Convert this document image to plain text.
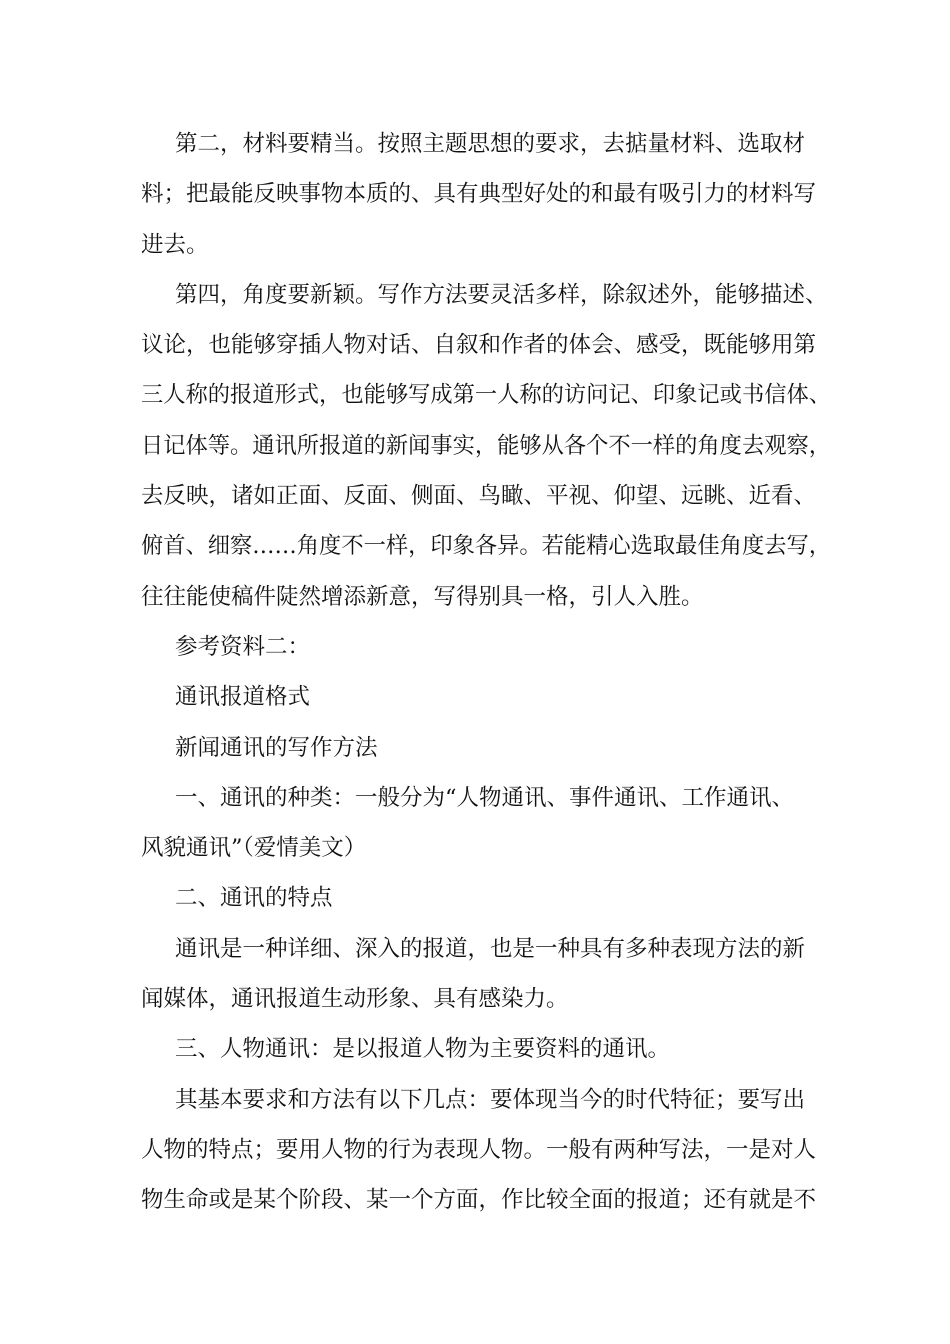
第二，材料要精当。按照主题思想的要求，去掂量材料、选取材
料；把最能反映事物本质的、具有典型好处的和最有吸引力的材料写
进去。
第四，角度要新颖。写作方法要灵活多样，除叙述外，能够描述、
议论，也能够穿插人物对话、自叙和作者的体会、感受，既能够用第
三人称的报道形式，也能够写成第一人称的访问记、印象记或书信体、
日记体等。通讯所报道的新闻事实，能够从各个不一样的角度去观察，
去反映，诸如正面、反面、侧面、鸟瞰、平视、仰望、远眺、近看、
俯首、细察……角度不一样，印象各异。若能精心选取最佳角度去写，
往往能使稿件陡然增添新意，写得别具一格，引人入胜。
参考资料二：
通讯报道格式
新闻通讯的写作方法
一、通讯的种类：一般分为“人物通讯、事件通讯、工作通讯、
风貌通讯”（爱情美文）
二、通讯的特点
通讯是一种详细、深入的报道，也是一种具有多种表现方法的新
闻媒体，通讯报道生动形象、具有感染力。
三、人物通讯：是以报道人物为主要资料的通讯。
其基本要求和方法有以下几点：要体现当今的时代特征；要写出
人物的特点；要用人物的行为表现人物。一般有两种写法，一是对人
物生命或是某个阶段、某一个方面，作比较全面的报道；还有就是不
